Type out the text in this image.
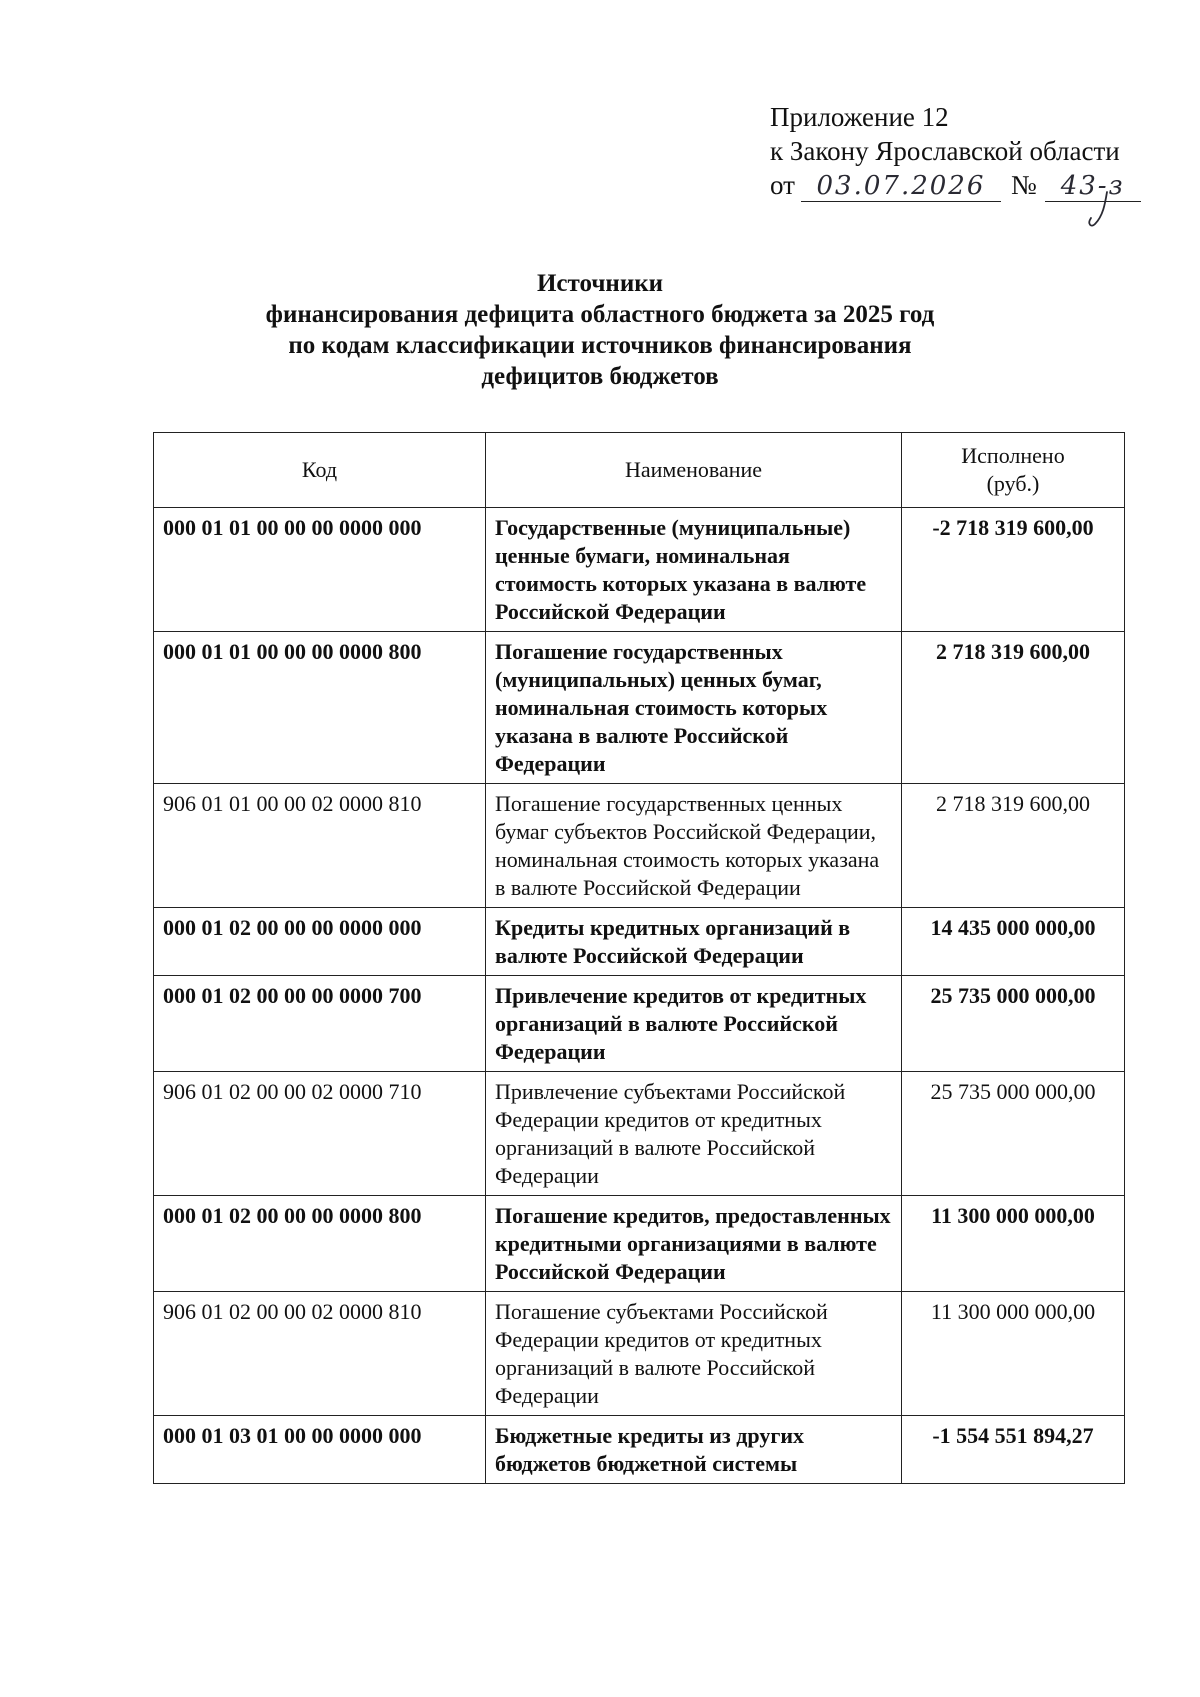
Приложение 12
к Закону Ярославской области
от 03.07.2026 № 43-з
Источники
финансирования дефицита областного бюджета за 2025 год
по кодам классификации источников финансирования
дефицитов бюджетов
Код	Наименование	Исполнено
(руб.)

000 01 01 00 00 00 0000 000	Государственные (муниципальные) ценные бумаги, номинальная стоимость которых указана в валюте Российской Федерации	-2 718 319 600,00
000 01 01 00 00 00 0000 800	Погашение государственных (муниципальных) ценных бумаг, номинальная стоимость которых указана в валюте Российской Федерации	2 718 319 600,00
906 01 01 00 00 02 0000 810	Погашение государственных ценных бумаг субъектов Российской Федерации, номинальная стоимость которых указана в валюте Российской Федерации	2 718 319 600,00
000 01 02 00 00 00 0000 000	Кредиты кредитных организаций в валюте Российской Федерации	14 435 000 000,00
000 01 02 00 00 00 0000 700	Привлечение кредитов от кредитных организаций в валюте Российской Федерации	25 735 000 000,00
906 01 02 00 00 02 0000 710	Привлечение субъектами Российской Федерации кредитов от кредитных организаций в валюте Российской Федерации	25 735 000 000,00
000 01 02 00 00 00 0000 800	Погашение кредитов, предоставленных кредитными организациями в валюте Российской Федерации	11 300 000 000,00
906 01 02 00 00 02 0000 810	Погашение субъектами Российской Федерации кредитов от кредитных организаций в валюте Российской Федерации	11 300 000 000,00
000 01 03 01 00 00 0000 000	Бюджетные кредиты из других бюджетов бюджетной системы	-1 554 551 894,27
